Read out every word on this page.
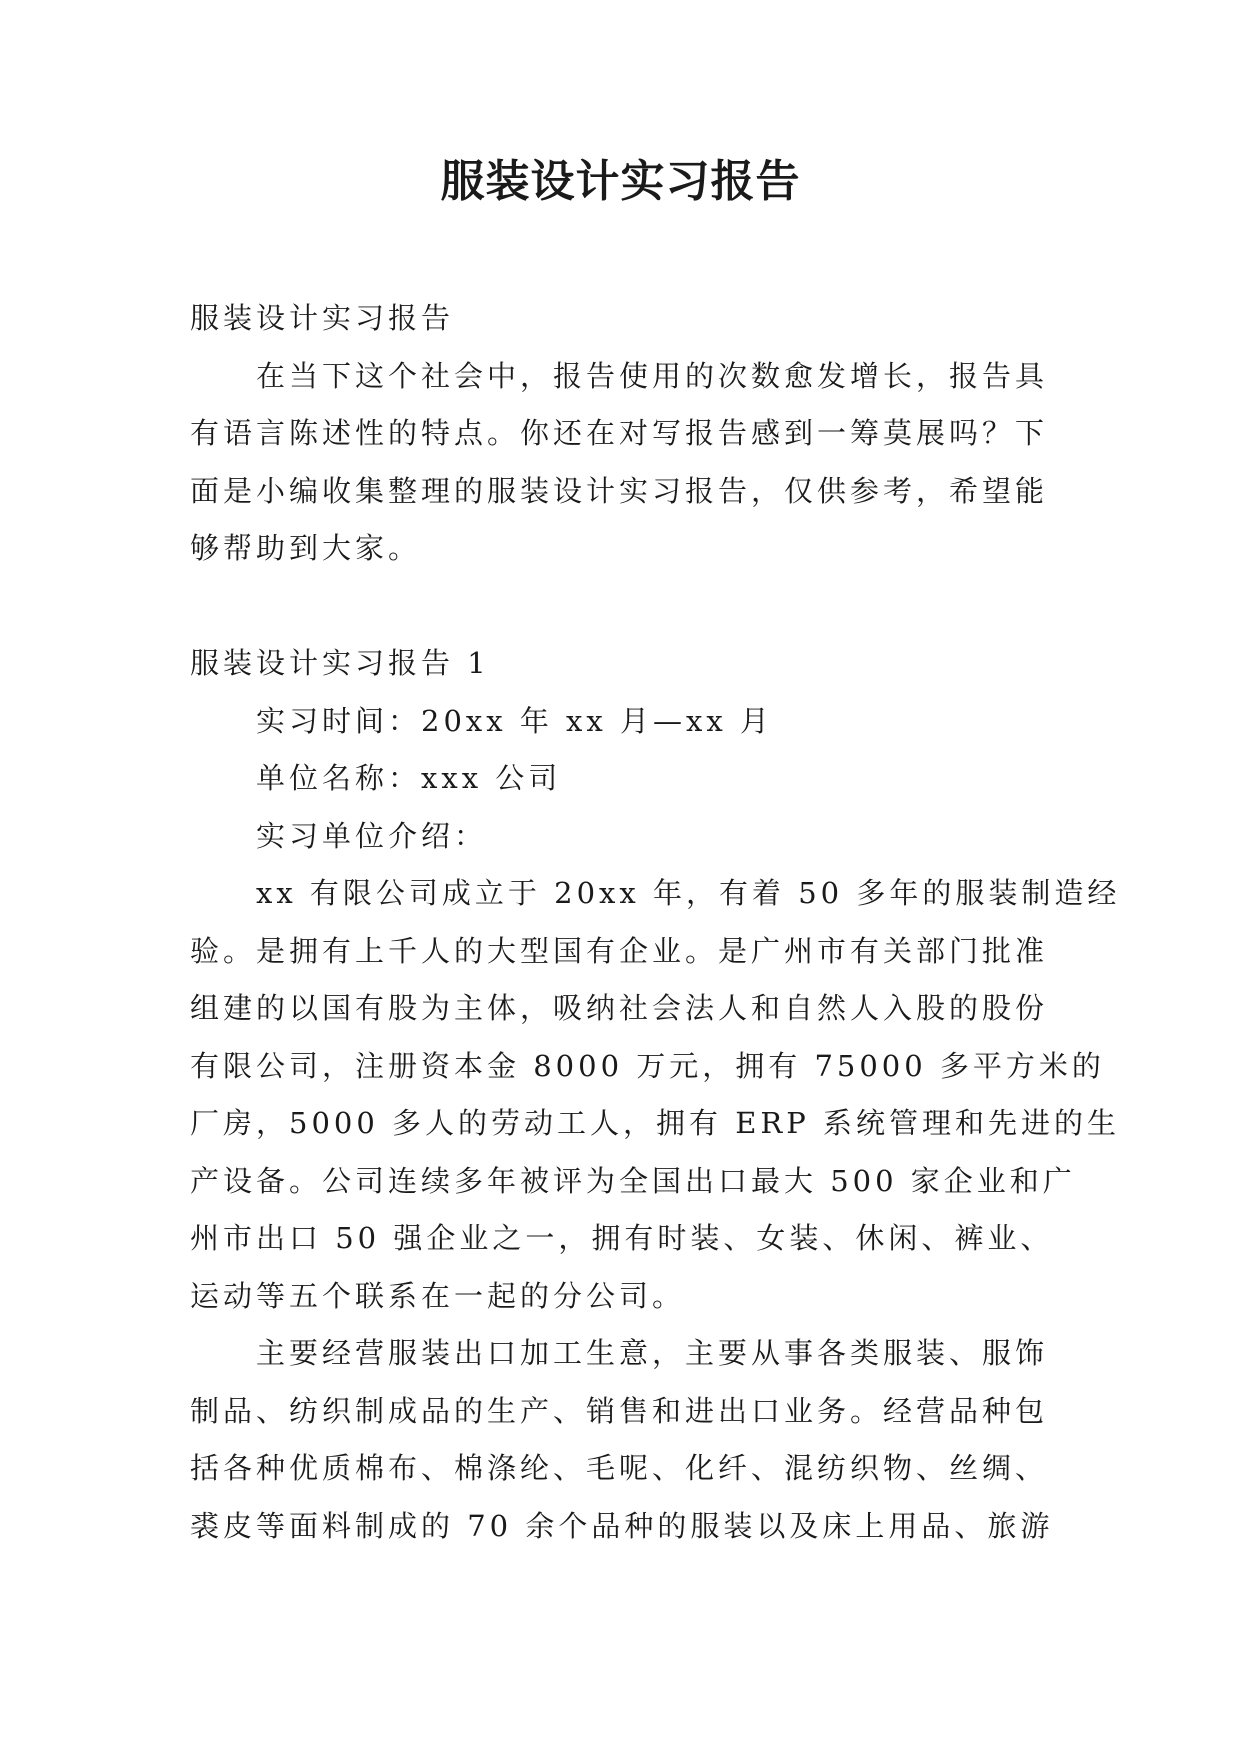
服装设计实习报告
服装设计实习报告
在当下这个社会中，报告使用的次数愈发增长，报告具
有语言陈述性的特点。你还在对写报告感到一筹莫展吗？下
面是小编收集整理的服装设计实习报告，仅供参考，希望能
够帮助到大家。
服装设计实习报告 1
实习时间：20xx 年 xx 月—xx 月
单位名称：xxx 公司
实习单位介绍：
xx 有限公司成立于 20xx 年，有着 50 多年的服装制造经
验。是拥有上千人的大型国有企业。是广州市有关部门批准
组建的以国有股为主体，吸纳社会法人和自然人入股的股份
有限公司，注册资本金 8000 万元，拥有 75000 多平方米的
厂房，5000 多人的劳动工人，拥有 ERP 系统管理和先进的生
产设备。公司连续多年被评为全国出口最大 500 家企业和广
州市出口 50 强企业之一，拥有时装、女装、休闲、裤业、
运动等五个联系在一起的分公司。
主要经营服装出口加工生意，主要从事各类服装、服饰
制品、纺织制成品的生产、销售和进出口业务。经营品种包
括各种优质棉布、棉涤纶、毛呢、化纤、混纺织物、丝绸、
裘皮等面料制成的 70 余个品种的服装以及床上用品、旅游
